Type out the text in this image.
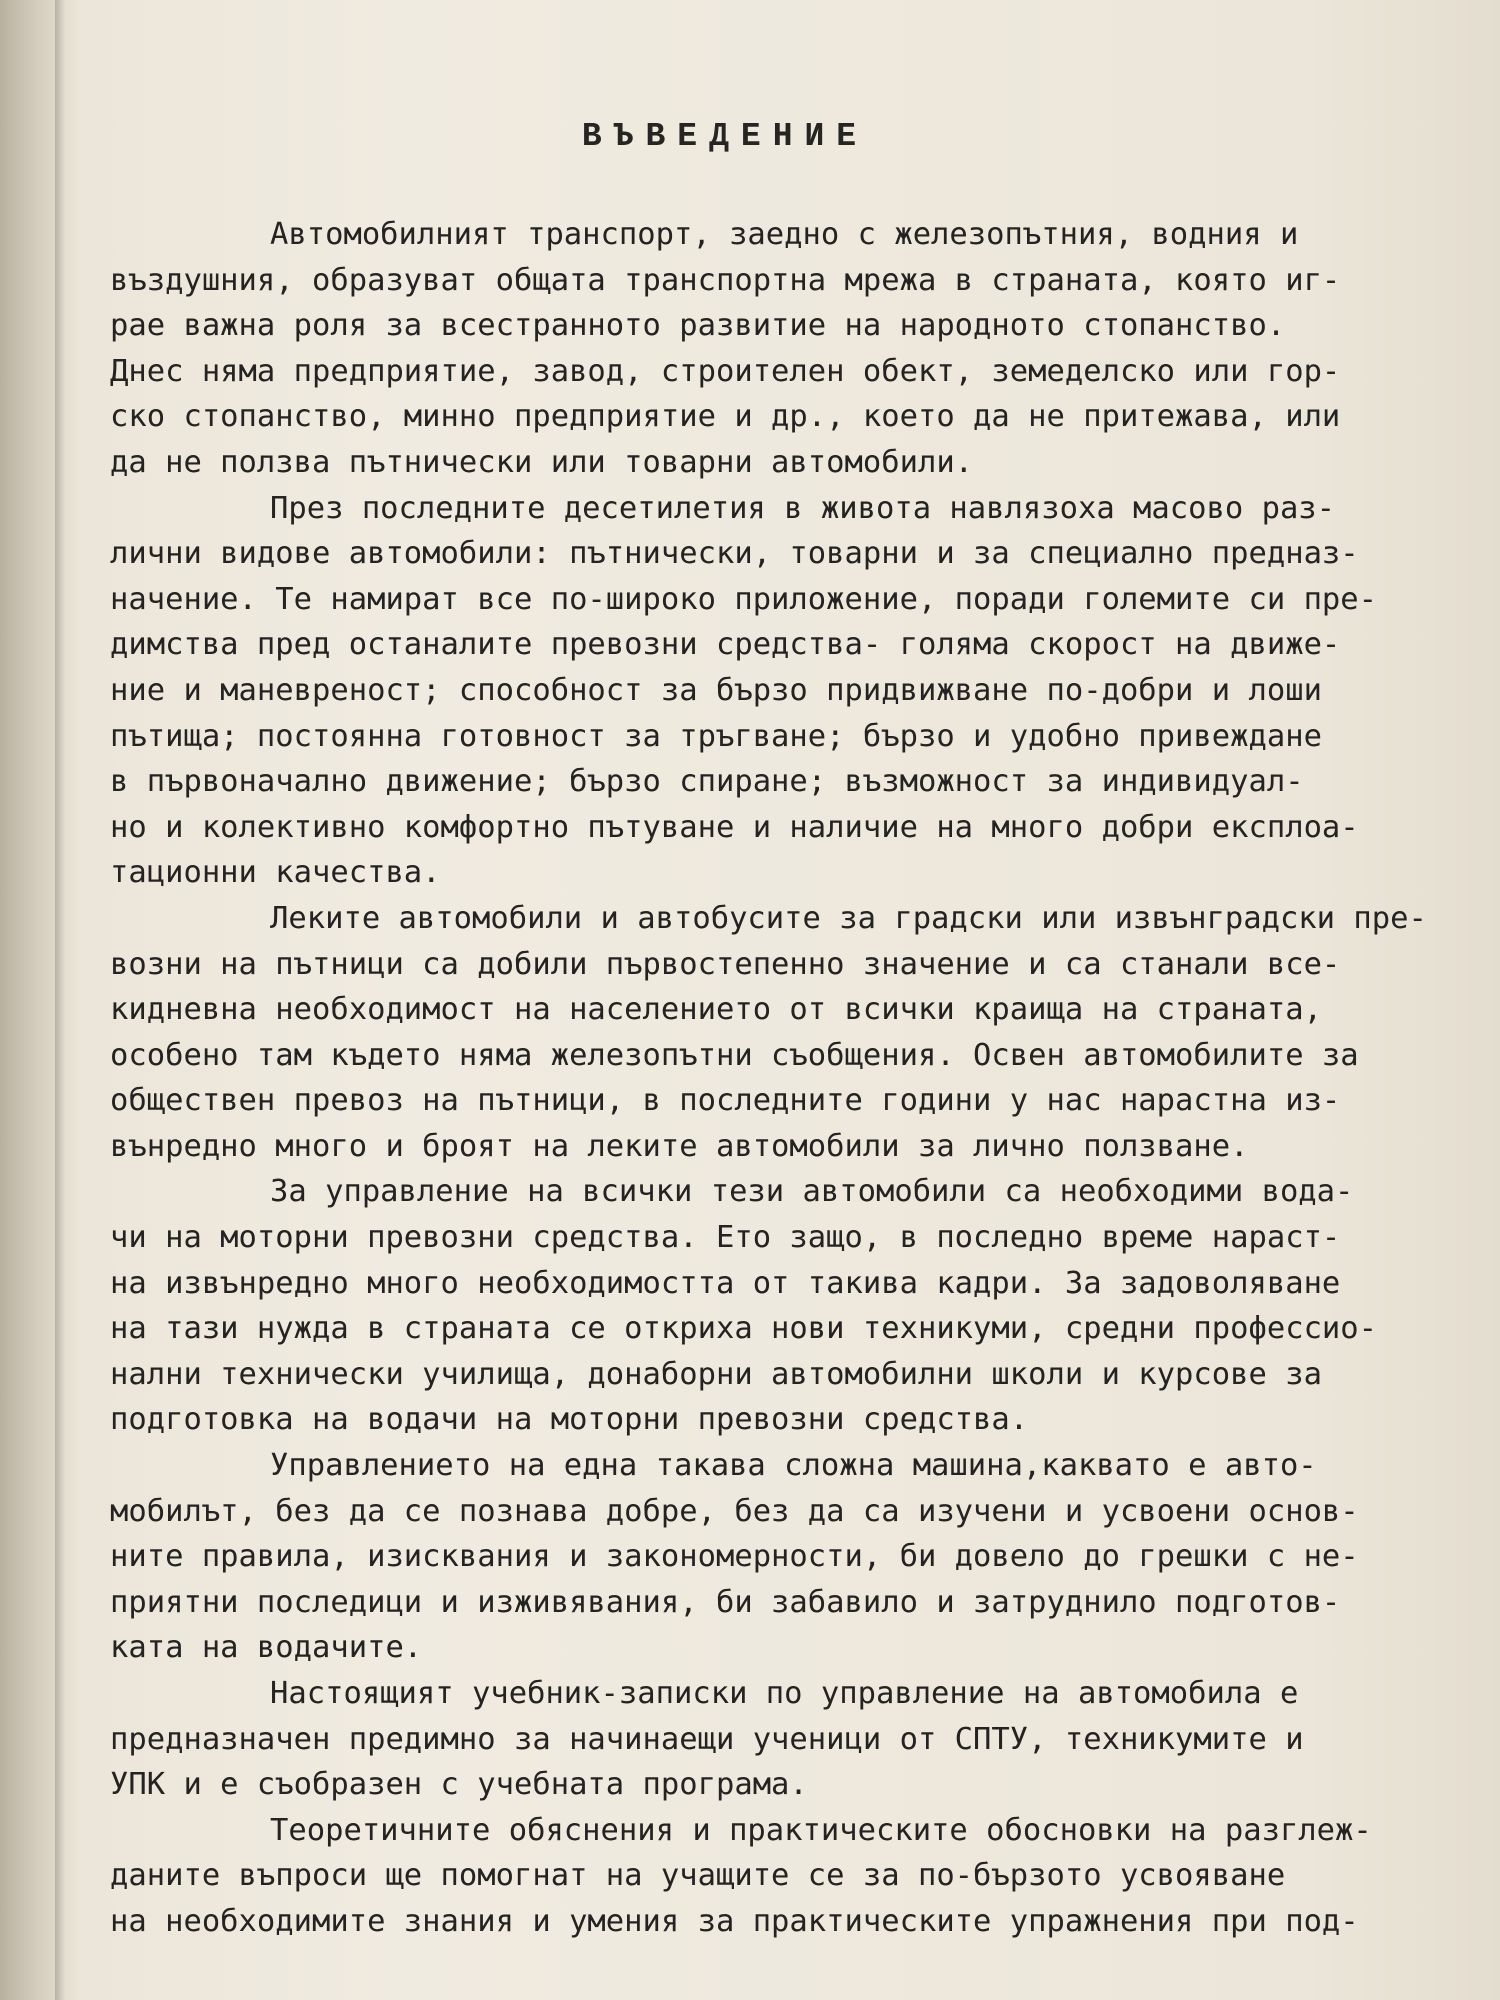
ВЪВЕДЕНИЕ
Автомобилният транспорт, заедно с железопътния, водния и
въздушния, образуват общата транспортна мрежа в страната, която иг-
рае важна роля за всестранното развитие на народното стопанство.
Днес няма предприятие, завод, строителен обект, земеделско или гор-
ско стопанство, минно предприятие и др., което да не притежава, или
да не ползва пътнически или товарни автомобили.
През последните десетилетия в живота навлязоха масово раз-
лични видове автомобили: пътнически, товарни и за специално предназ-
начение. Те намират все по-широко приложение, поради големите си пре-
димства пред останалите превозни средства- голяма скорост на движе-
ние и маневреност; способност за бързо придвижване по-добри и лоши
пътища; постоянна готовност за тръгване; бързо и удобно привеждане
в първоначално движение; бързо спиране; възможност за индивидуал-
но и колективно комфортно пътуване и наличие на много добри експлоа-
тационни качества.
Леките автомобили и автобусите за градски или извънградски пре-
возни на пътници са добили първостепенно значение и са станали все-
кидневна необходимост на населението от всички краища на страната,
особено там където няма железопътни съобщения. Освен автомобилите за
обществен превоз на пътници, в последните години у нас нарастна из-
вънредно много и броят на леките автомобили за лично ползване.
За управление на всички тези автомобили са необходими вода-
чи на моторни превозни средства. Ето защо, в последно време нараст-
на извънредно много необходимостта от такива кадри. За задоволяване
на тази нужда в страната се откриха нови техникуми, средни профессио-
нални технически училища, донаборни автомобилни школи и курсове за
подготовка на водачи на моторни превозни средства.
Управлението на една такава сложна машина,каквато е авто-
мобилът, без да се познава добре, без да са изучени и усвоени основ-
ните правила, изисквания и закономерности, би довело до грешки с не-
приятни последици и изживявания, би забавило и затруднило подготов-
ката на водачите.
Настоящият учебник-записки по управление на автомобила е
предназначен предимно за начинаещи ученици от СПТУ, техникумите и
УПК и е съобразен с учебната програма.
Теоретичните обяснения и практическите обосновки на разглеж-
даните въпроси ще помогнат на учащите се за по-бързото усвояване
на необходимите знания и умения за практическите упражнения при под-
